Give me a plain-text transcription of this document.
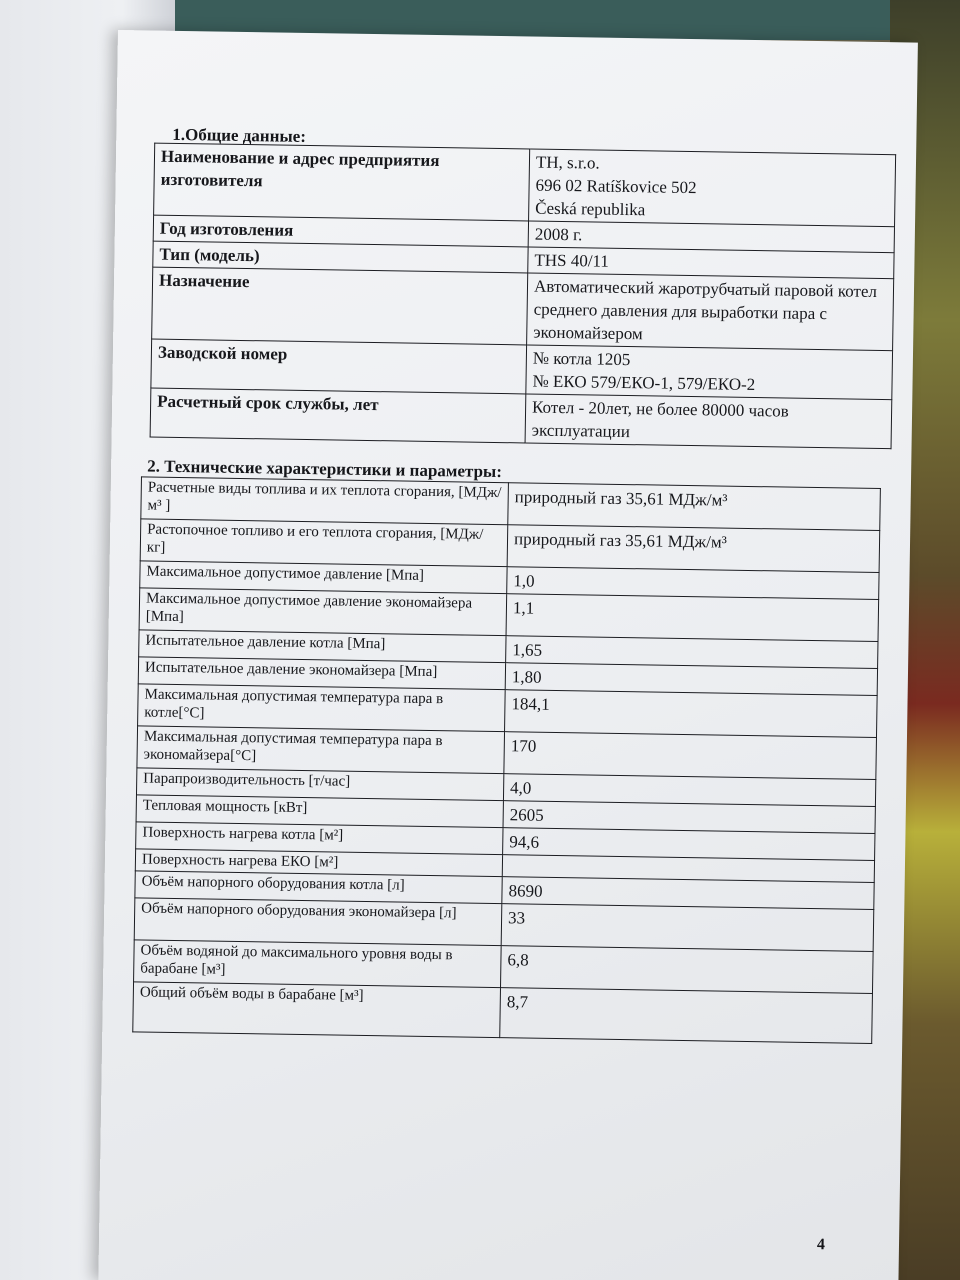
1.Общие данные:
Наименование и адрес предприятия изготовителя	TH, s.r.o.
696 02 Ratíškovice 502
Česká republika

Год изготовления	2008 г.
Тип (модель)	THS 40/11
Назначение	Автоматический жаротрубчатый паровой котел среднего давления для выработки пара с экономайзером
Заводской номер	№ котла 1205
№ ЕКО 579/ЕКО-1, 579/ЕКО-2

Расчетный срок службы, лет	Котел - 20лет, не более 80000 часов эксплуатации
2. Технические характеристики и параметры:
Расчетные виды топлива и их теплота сгорания, [МДж/м³ ]	природный газ 35,61 МДж/м³
Растопочное топливо и его теплота сгорания, [МДж/кг]	природный газ 35,61 МДж/м³
Максимальное допустимое давление [Мпа]	1,0
Максимальное допустимое давление экономайзера [Мпа]	1,1
Испытательное давление котла [Мпа]	1,65
Испытательное давление экономайзера [Мпа]	1,80
Максимальная допустимая температура пара в котле[°С]	184,1
Максимальная допустимая температура пара в экономайзера[°С]	170
Парапроизводительность [т/час]	4,0
Тепловая мощность [кВт]	2605
Поверхность нагрева котла [м²]	94,6
Поверхность нагрева ЕКО [м²]	
Объём напорного оборудования котла [л]	8690
Объём напорного оборудования экономайзера [л]	33
Объём водяной до максимального уровня воды в барабане [м³]	6,8
Общий объём воды в барабане [м³]	8,7
4
